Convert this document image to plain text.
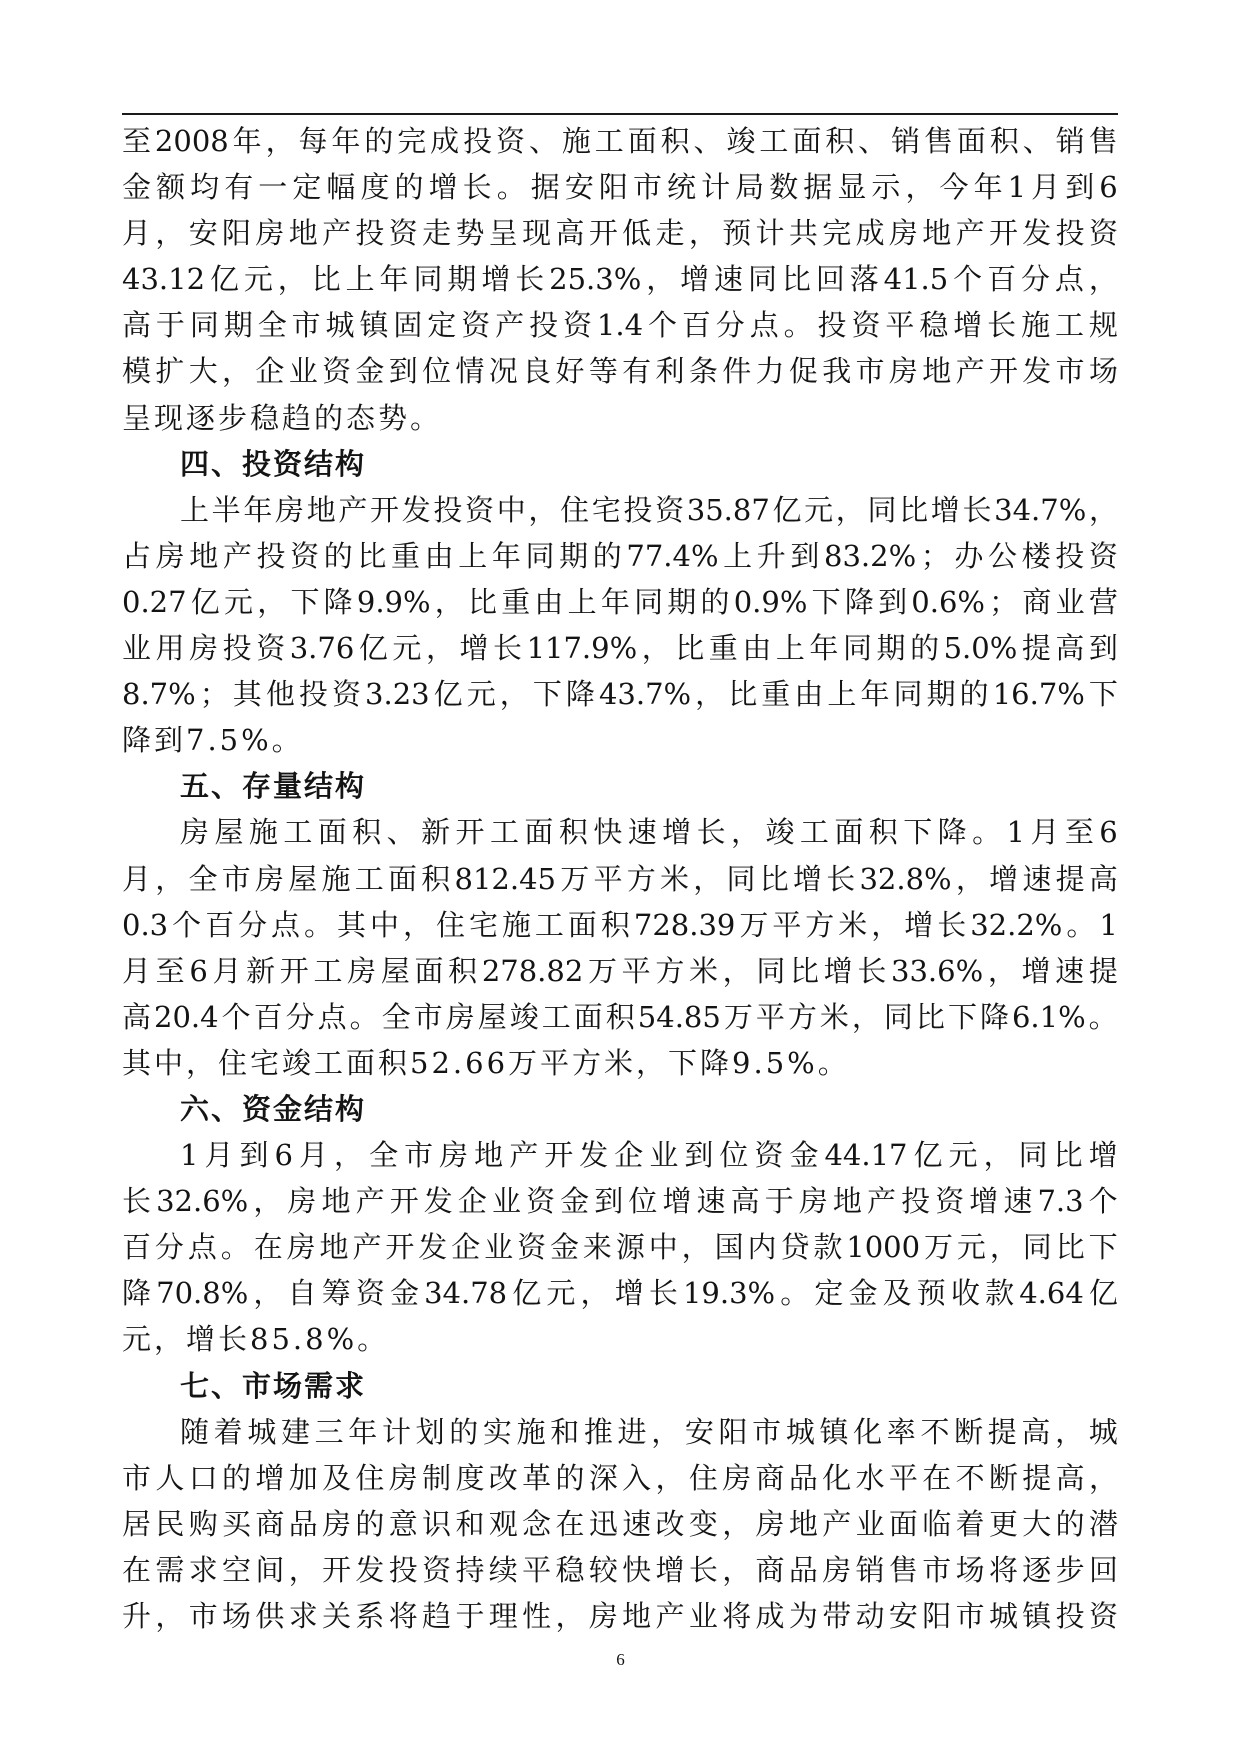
至 2008 年 ， 每 年 的 完 成 投 资 、 施 工 面 积 、 竣 工 面 积 、 销 售 面 积 、 销 售
金 额 均 有 一 定 幅 度 的 增 长 。 据 安 阳 市 统 计 局 数 据 显 示 ， 今 年 1 月 到 6
月 ， 安 阳 房 地 产 投 资 走 势 呈 现 高 开 低 走 ， 预 计 共 完 成 房 地 产 开 发 投 资
43.12 亿 元 ， 比 上 年 同 期 增 长 25.3% ， 增 速 同 比 回 落 41.5 个 百 分 点 ，
高 于 同 期 全 市 城 镇 固 定 资 产 投 资 1.4 个 百 分 点 。 投 资 平 稳 增 长 施 工 规
模 扩 大 ， 企 业 资 金 到 位 情 况 良 好 等 有 利 条 件 力 促 我 市 房 地 产 开 发 市 场
呈现逐步稳趋的态势。
四、投资结构
上 半 年 房 地 产 开 发 投 资 中 ， 住 宅 投 资 35.87 亿 元 ， 同 比 增 长 34.7% ，
占 房 地 产 投 资 的 比 重 由 上 年 同 期 的 77.4% 上 升 到 83.2% ； 办 公 楼 投 资
0.27 亿 元 ， 下 降 9.9% ， 比 重 由 上 年 同 期 的 0.9% 下 降 到 0.6% ； 商 业 营
业 用 房 投 资 3.76 亿 元 ， 增 长 117.9% ， 比 重 由 上 年 同 期 的 5.0% 提 高 到
8.7% ； 其 他 投 资 3.23 亿 元 ， 下 降 43.7% ， 比 重 由 上 年 同 期 的 16.7% 下
降到7.5%。
五、存量结构
房 屋 施 工 面 积 、 新 开 工 面 积 快 速 增 长 ， 竣 工 面 积 下 降 。 1 月 至 6
月 ， 全 市 房 屋 施 工 面 积 812.45 万 平 方 米 ， 同 比 增 长 32.8% ， 增 速 提 高
0.3 个 百 分 点 。 其 中 ， 住 宅 施 工 面 积 728.39 万 平 方 米 ， 增 长 32.2% 。 1
月 至 6 月 新 开 工 房 屋 面 积 278.82 万 平 方 米 ， 同 比 增 长 33.6% ， 增 速 提
高 20.4 个 百 分 点 。 全 市 房 屋 竣 工 面 积 54.85 万 平 方 米 ， 同 比 下 降 6.1% 。
其中，住宅竣工面积52.66万平方米，下降9.5%。
六、资金结构
1 月 到 6 月 ， 全 市 房 地 产 开 发 企 业 到 位 资 金 44.17 亿 元 ， 同 比 增
长 32.6% ， 房 地 产 开 发 企 业 资 金 到 位 增 速 高 于 房 地 产 投 资 增 速 7.3 个
百 分 点 。 在 房 地 产 开 发 企 业 资 金 来 源 中 ， 国 内 贷 款 1000 万 元 ， 同 比 下
降 70.8% ， 自 筹 资 金 34.78 亿 元 ， 增 长 19.3% 。 定 金 及 预 收 款 4.64 亿
元，增长85.8%。
七、市场需求
随 着 城 建 三 年 计 划 的 实 施 和 推 进 ， 安 阳 市 城 镇 化 率 不 断 提 高 ， 城
市 人 口 的 增 加 及 住 房 制 度 改 革 的 深 入 ， 住 房 商 品 化 水 平 在 不 断 提 高 ，
居 民 购 买 商 品 房 的 意 识 和 观 念 在 迅 速 改 变 ， 房 地 产 业 面 临 着 更 大 的 潜
在 需 求 空 间 ， 开 发 投 资 持 续 平 稳 较 快 增 长 ， 商 品 房 销 售 市 场 将 逐 步 回
升 ， 市 场 供 求 关 系 将 趋 于 理 性 ， 房 地 产 业 将 成 为 带 动 安 阳 市 城 镇 投 资
6
